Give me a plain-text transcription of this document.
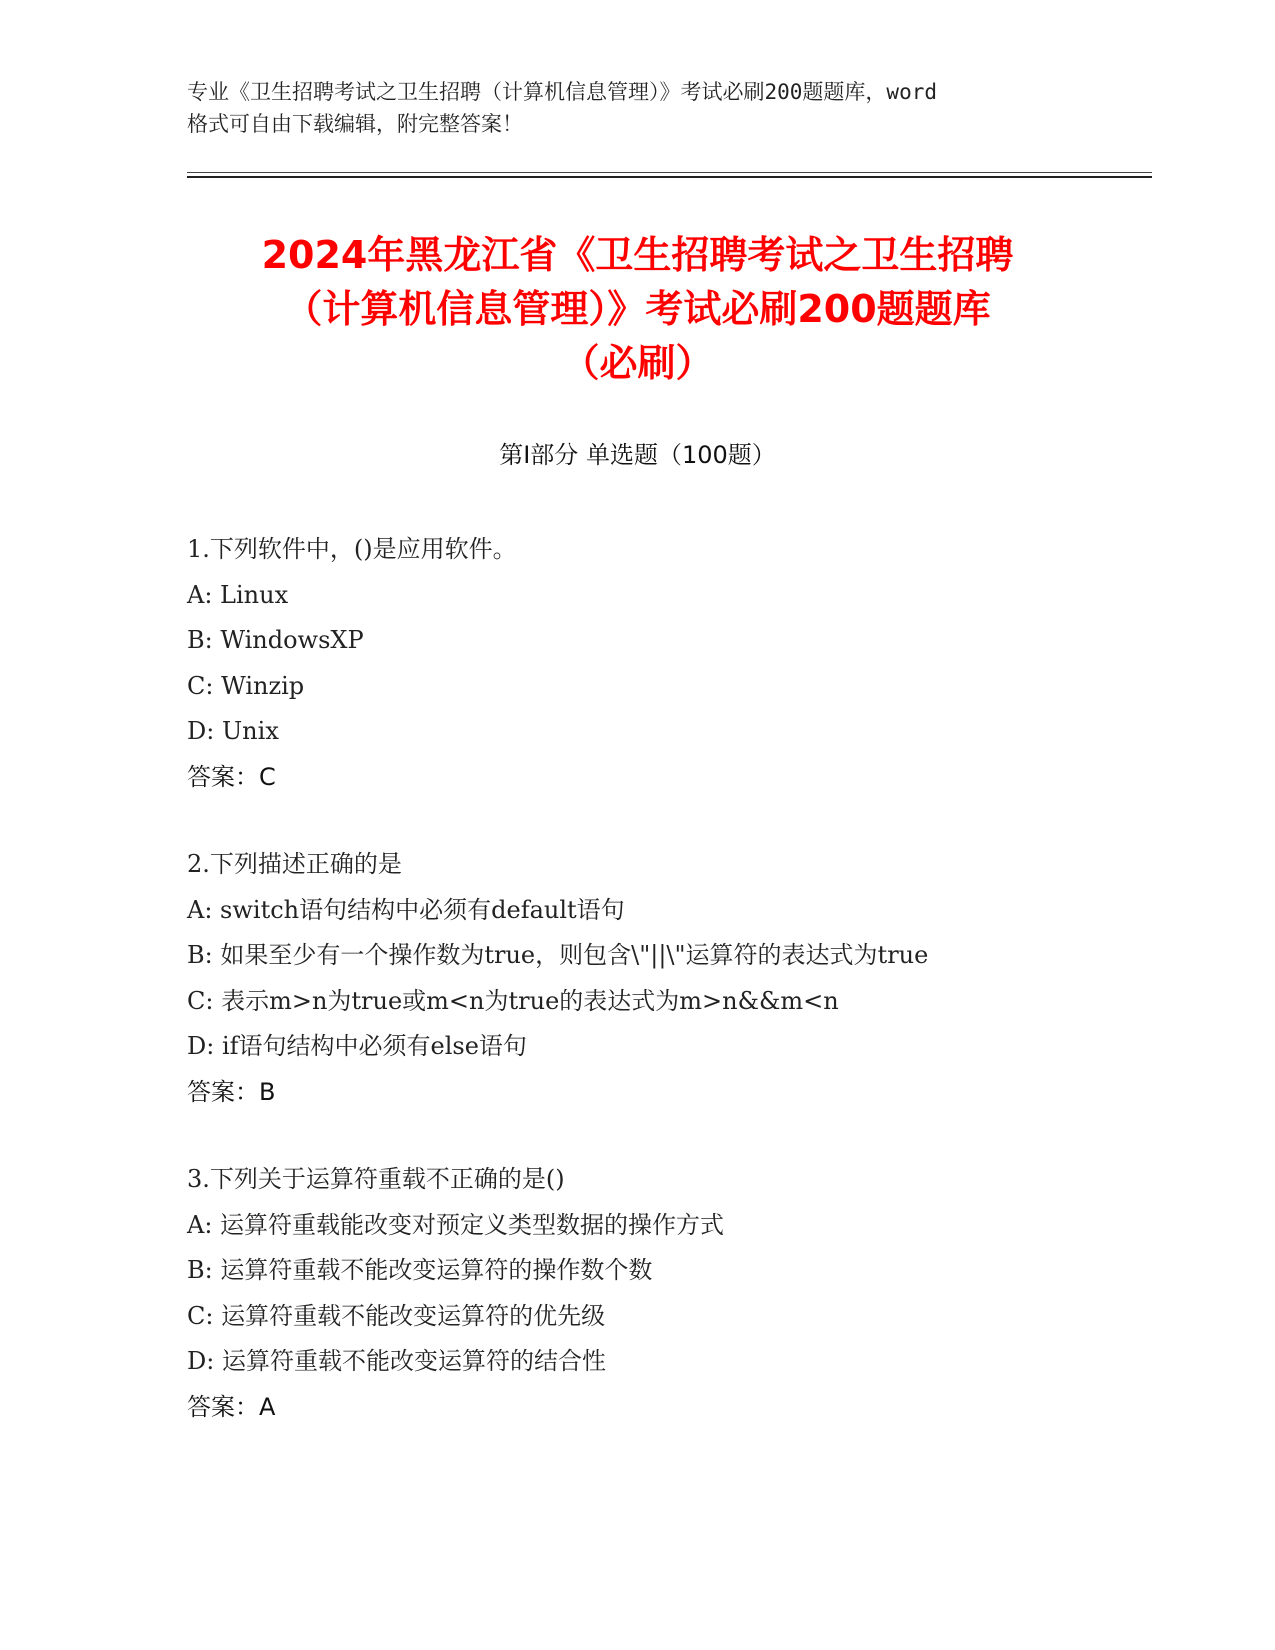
专业《卫生招聘考试之卫生招聘（计算机信息管理）》考试必刷200题题库，word
格式可自由下载编辑，附完整答案！
2024年黑龙江省《卫生招聘考试之卫生招聘
（计算机信息管理）》考试必刷200题题库
（必刷）
第I部分 单选题（100题）
1.下列软件中，()是应用软件。
A: Linux
B: WindowsXP
C: Winzip
D: Unix
答案：C
2.下列描述正确的是
A: switch语句结构中必须有default语句
B: 如果至少有一个操作数为true，则包含\"||\"运算符的表达式为true
C: 表示m>n为true或m<n为true的表达式为m>n&&m<n
D: if语句结构中必须有else语句
答案：B
3.下列关于运算符重载不正确的是()
A: 运算符重载能改变对预定义类型数据的操作方式
B: 运算符重载不能改变运算符的操作数个数
C: 运算符重载不能改变运算符的优先级
D: 运算符重载不能改变运算符的结合性
答案：A
